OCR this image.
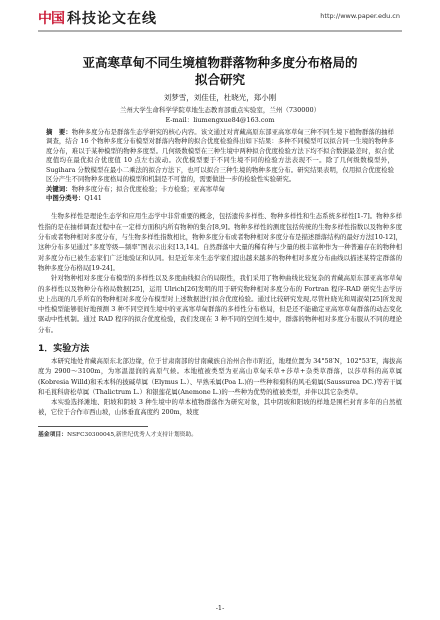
中国 科技论文在线	http://www.paper.edu.cn
亚高寒草甸不同生境植物群落物种多度分布格局的
拟合研究
刘梦雪，刘佳佳，杜晓光，郑小刚
兰州大学生命科学学院草地生态教育部重点实验室，兰州（730000）
E-mail：liumengxue84@163.com
摘　要：物种多度分布是群落生态学研究的核心内容。该文通过对青藏高原东部亚高寒草甸三种不同生境下植物群落的抽样调查，结合 16 个物种多度分布模型对群落内物种的拟合优度检验得出如下结果：多种不同模型可以拟合同一生境的物种多度分布，难以于某种模型的物种多度型。几何级数模型在三种生境中两种拟合优度检验方法下均不拟合数据最差时，拟合优度值均在最优拟合优度值 10 点左右波动。次优模型要于不同生境不同的检验方法表现不一。除了几何级数模型外，Sugihara 分数模型在最小二乘法的拟合方法下，也可以拟合三种生境的物种多度分布。研究结果表明，仅用拟合优度检验区分产生不同物种多度格局的模型和机制是不可靠的，需要做进一步的检验性实验研究。
关键词：物种多度分布；拟合优度检验；卡方检验；亚高寒草甸
中图分类号：Q141

生物多样性是理论生态学和应用生态学中非常重要的概念，包括遗传多样性、物种多样性和生态系统多样性[1-7]。物种多样性指的是在抽样调查过程中在一定样方面积内所有物种的集合[8,9]。物种多样性的测度包括传统的生物多样性指数以及物种多度分布或者物种相对多度分布，与生物多样性指数相比，物种多度分布或者物种相对多度分布是描述群落结构的最好方法[10-12]，这种分布多见通过“多度等级—频率”图表示出来[13,14]。自然群落中大量的稀有种与少量的极丰富种作为一种普遍存在的物种相对多度分布已被生态家们广泛地验证和认同。但是近年来生态学家们提出越来越多的物种相对多度分布曲线以描述某特定群落的物种多度分布格局[19-24]。

针对物种相对多度分布模型的多样性以及多度曲线拟合的局限性，我们采用了物种曲线比较复杂的青藏高原东部亚高寒草甸的多样性以及物种分布格局数据[25]，运用 Ulrich[26]发明的用于研究物种相对多度分布的 Fortran 程序-RAD 研究生态学历史上出现的几乎所有的物种相对多度分布模型对上述数据进行拟合优度检验。通过比较研究发现,尽管杜晓光和周淑荣[25]所发现中性模型能够很好地预测 3 种不同空间生境中的亚高寒草甸群落的多样性分布格局，但是还不能确定亚高寒草甸群落的动态变化驱动中性机制。通过 RAD 程序的拟合优度检验，我们发现在 3 种不同的空间生境中，群落的物种相对多度分布服从不同的理论分布。

1．实验方法

本研究地处青藏高原东北部边缘，位于甘肃南部的甘南藏族自治州合作市附近，地理位置为 34°58′N，102°53′E，海拔高度为 2900～3100m，为寒温湿润的高原气候。本地植被类型为亚高山草甸禾草+莎草+杂类草群落，以莎草科的高草属(Kobresia Willd)和禾本科的披碱草属（Elymus L.）、早熟禾属(Poa L.)的一些种和菊科的风毛菊属(Saussurea DC.)等若干属和毛莨科唐松草属（Thalictrum L.）和银莲花属(Anemone L.)的一些种为优势的植被类型，并伴以其它杂类草。

本实验选择滩地、阳坡和阴坡 3 种生境中的草本植物群落作为研究对象，其中阴坡和阳坡的样地是围栏封育多年的自然植被，它位于合作市西山坡，山体垂直高度约 200m，坡度

基金项目：NSFC30300045,新世纪优秀人才支持计划资助。
-1-
